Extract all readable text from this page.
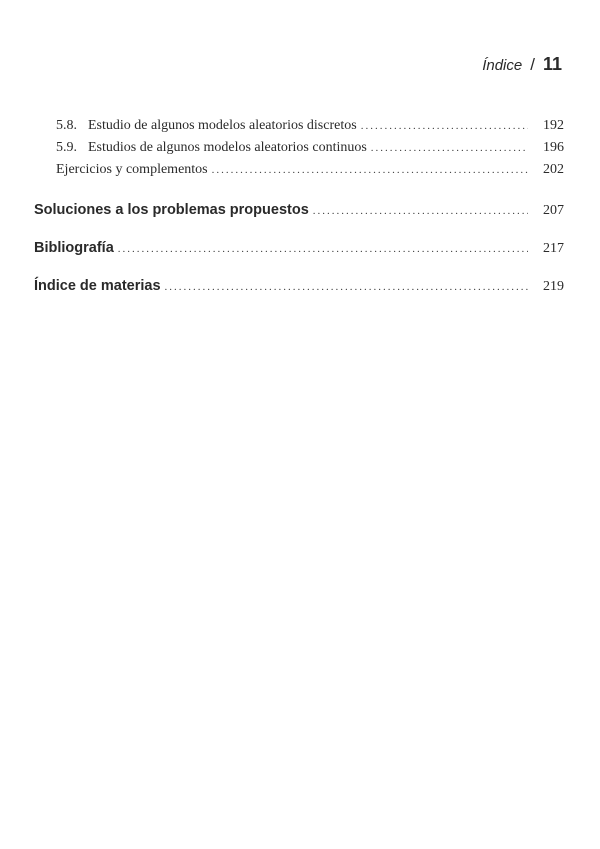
Índice / 11
5.8. Estudio de algunos modelos aleatorios discretos .....	192
5.9. Estudios de algunos modelos aleatorios continuos .....	196
Ejercicios y complementos .....	202
Soluciones a los problemas propuestos .....	207
Bibliografía .....	217
Índice de materias .....	219
